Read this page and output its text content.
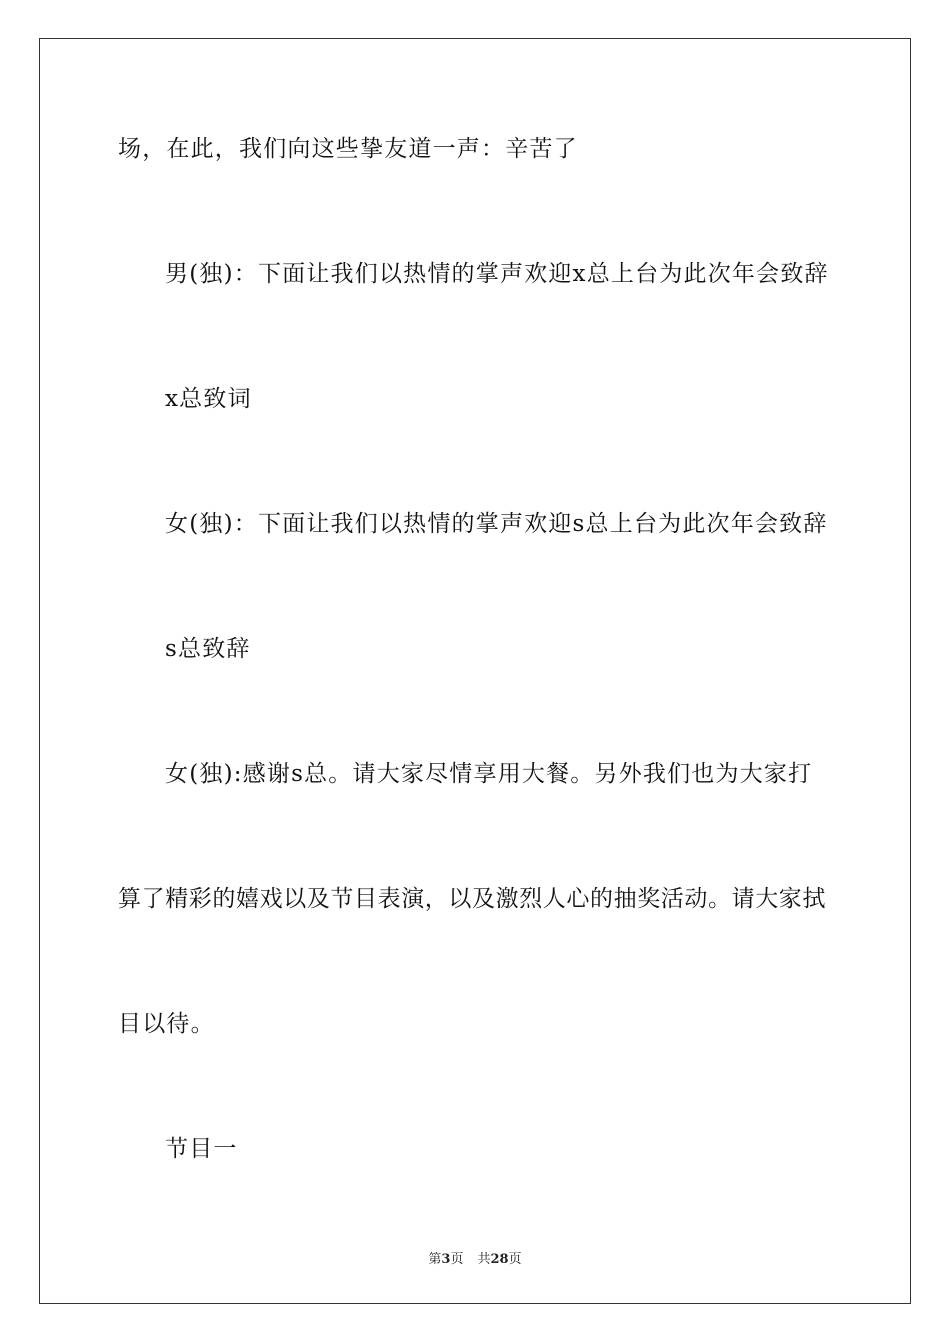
场，在此，我们向这些挚友道一声：辛苦了
男(独)：下面让我们以热情的掌声欢迎x总上台为此次年会致辞
x总致词
女(独)：下面让我们以热情的掌声欢迎s总上台为此次年会致辞
s总致辞
女(独):感谢s总。请大家尽情享用大餐。另外我们也为大家打
算了精彩的嬉戏以及节目表演，以及激烈人心的抽奖活动。请大家拭
目以待。
节目一
第3页 共28页
